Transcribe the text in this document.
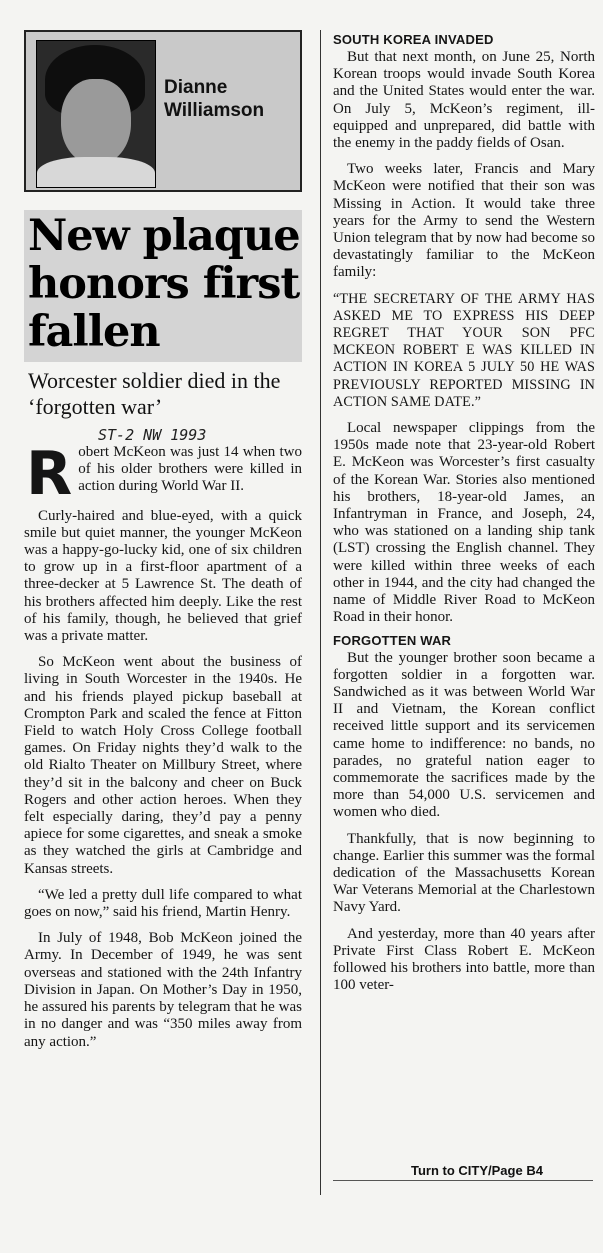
Dianne
Williamson
New plaque honors first fallen
Worcester soldier died in the ‘forgotten war’
ST-2 NW 1993

Robert McKeon was just 14 when two of his older brothers were killed in action during World War II.

Curly-haired and blue-eyed, with a quick smile but quiet manner, the younger McKeon was a happy-go-lucky kid, one of six children to grow up in a first-floor apartment of a three-decker at 5 Lawrence St. The death of his brothers affected him deeply. Like the rest of his family, though, he believed that grief was a private matter.

So McKeon went about the business of living in South Worcester in the 1940s. He and his friends played pickup baseball at Crompton Park and scaled the fence at Fitton Field to watch Holy Cross College football games. On Friday nights they’d walk to the old Rialto Theater on Millbury Street, where they’d sit in the balcony and cheer on Buck Rogers and other action heroes. When they felt especially daring, they’d pay a penny apiece for some cigarettes, and sneak a smoke as they watched the girls at Cambridge and Kansas streets.

“We led a pretty dull life compared to what goes on now,” said his friend, Martin Henry.

In July of 1948, Bob McKeon joined the Army. In December of 1949, he was sent overseas and stationed with the 24th Infantry Division in Japan. On Mother’s Day in 1950, he assured his parents by telegram that he was in no danger and was “350 miles away from any action.”

SOUTH KOREA INVADED

But that next month, on June 25, North Korean troops would invade South Korea and the United States would enter the war. On July 5, McKeon’s regiment, ill-equipped and unprepared, did battle with the enemy in the paddy fields of Osan.

Two weeks later, Francis and Mary McKeon were notified that their son was Missing in Action. It would take three years for the Army to send the Western Union telegram that by now had become so devastatingly familiar to the McKeon family:

“THE SECRETARY OF THE ARMY HAS ASKED ME TO EXPRESS HIS DEEP REGRET THAT YOUR SON PFC MCKEON ROBERT E WAS KILLED IN ACTION IN KOREA 5 JULY 50 HE WAS PREVIOUSLY REPORTED MISSING IN ACTION SAME DATE.”

Local newspaper clippings from the 1950s made note that 23-year-old Robert E. McKeon was Worcester’s first casualty of the Korean War. Stories also mentioned his brothers, 18-year-old James, an Infantryman in France, and Joseph, 24, who was stationed on a landing ship tank (LST) crossing the English channel. They were killed within three weeks of each other in 1944, and the city had changed the name of Middle River Road to McKeon Road in their honor.

FORGOTTEN WAR

But the younger brother soon became a forgotten soldier in a forgotten war. Sandwiched as it was between World War II and Vietnam, the Korean conflict received little support and its servicemen came home to indifference: no bands, no parades, no grateful nation eager to commemorate the sacrifices made by the more than 54,000 U.S. servicemen and women who died.

Thankfully, that is now beginning to change. Earlier this summer was the formal dedication of the Massachusetts Korean War Veterans Memorial at the Charlestown Navy Yard.

And yesterday, more than 40 years after Private First Class Robert E. McKeon followed his brothers into battle, more than 100 veter-

Turn to CITY/Page B4
